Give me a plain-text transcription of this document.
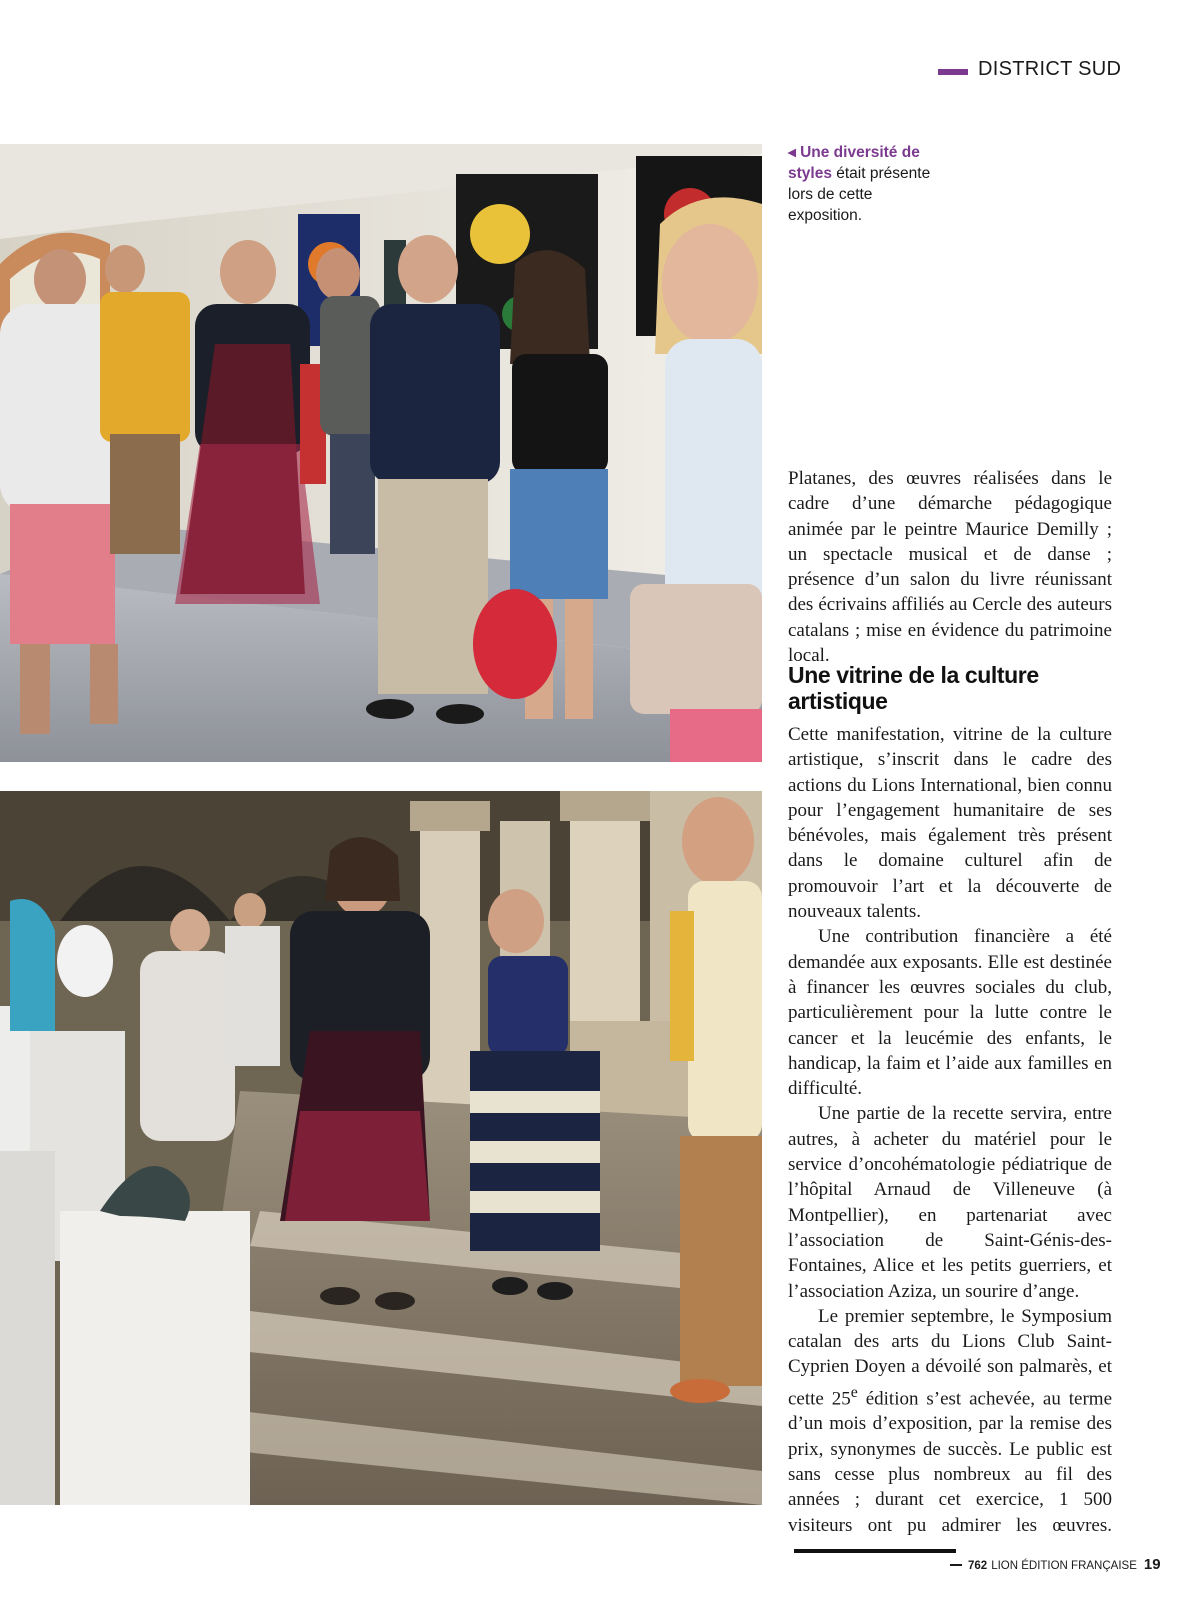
DISTRICT SUD
◂ Une diversité de styles était présente lors de cette exposition.

Platanes, des œuvres réalisées dans le cadre d’une démarche pédagogique animée par le peintre Maurice Demilly ; un spectacle musical et de danse ; présence d’un salon du livre réunissant des écrivains affiliés au Cercle des auteurs catalans ; mise en évidence du patrimoine local.

Une vitrine de la culture artistique

Cette manifestation, vitrine de la culture artistique, s’inscrit dans le cadre des actions du Lions International, bien connu pour l’engagement humanitaire de ses bénévoles, mais également très présent dans le domaine culturel afin de promouvoir l’art et la découverte de nouveaux talents.

Une contribution financière a été demandée aux exposants. Elle est destinée à financer les œuvres sociales du club, particulièrement pour la lutte contre le cancer et la leucémie des enfants, le handicap, la faim et l’aide aux familles en difficulté.

Une partie de la recette servira, entre autres, à acheter du matériel pour le service d’oncohématologie pédiatrique de l’hôpital Arnaud de Villeneuve (à Montpellier), en partenariat avec l’association de Saint-Génis-des-Fontaines, Alice et les petits guerriers, et l’association Aziza, un sourire d’ange.

Le premier septembre, le Symposium catalan des arts du Lions Club Saint-Cyprien Doyen a dévoilé son palmarès, et cette 25e édition s’est achevée, au terme d’un mois d’exposition, par la remise des prix, synonymes de succès. Le public est sans cesse plus nombreux au fil des années ; durant cet exercice, 1 500 visiteurs ont pu admirer les œuvres.

762 LION ÉDITION FRANÇAISE 19
